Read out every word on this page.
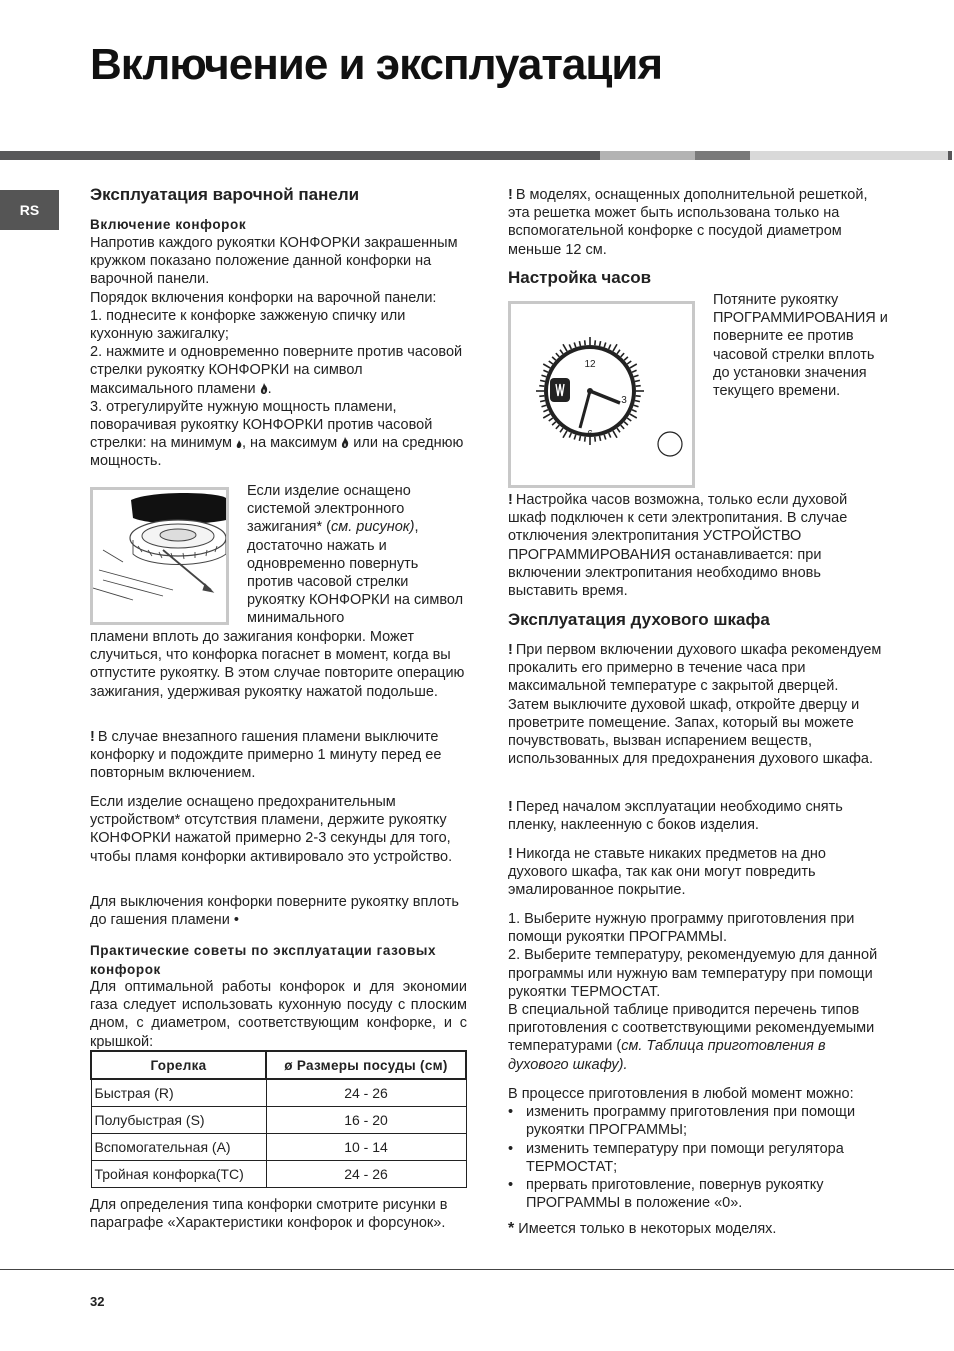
Включение и эксплуатация
RS
Эксплуатация варочной панели
Включение конфорок

Напротив каждого рукоятки КОНФОРКИ закрашенным кружком показано положение данной конфорки на варочной панели.

Порядок включения конфорки на варочной панели:

1. поднесите к конфорке зажженую спичку или кухонную зажигалку;

2. нажмите и одновременно поверните против часовой стрелки рукоятку КОНФОРКИ на символ максимального пламени .

3. отрегулируйте нужную мощность пламени, поворачивая рукоятку КОНФОРКИ против часовой стрелки: на минимум , на максимум или на среднюю мощность.

Если изделие оснащено системой электронного зажигания* (см. рисунок), достаточно нажать и одновременно повернуть против часовой стрелки рукоятку КОНФОРКИ на символ минимального

пламени вплоть до зажигания конфорки. Может случиться, что конфорка погаснет в момент, когда вы отпустите рукоятку. В этом случае повторите операцию зажигания, удерживая рукоятку нажатой подольше.

! В случае внезапного гашения пламени выключите конфорку и подождите примерно 1 минуту перед ее повторным включением.

Если изделие оснащено предохранительным устройством* отсутствия пламени, держите рукоятку КОНФОРКИ нажатой примерно 2-3 секунды для того, чтобы пламя конфорки активировало это устройство.

Для выключения конфорки поверните рукоятку вплоть до гашения пламени •

Практические советы по эксплуатации газовых конфорок

Для оптимальной работы конфорок и для экономии газа следует использовать кухонную посуду с плоским дном, с диаметром, соответствующим конфорке, и с крышкой:

Горелка	ø Размеры посуды (см)
Быстрая (R)	24 - 26
Полубыстрая (S)	16 - 20
Вспомогательная (A)	10 - 14
Тройная конфорка(TC)	24 - 26

Для определения типа конфорки смотрите рисунки в параграфе «Характеристики конфорок и форсунок».

! В моделях, оснащенных дополнительной решеткой, эта решетка может быть использована только на вспомогательной конфорке с посудой диаметром меньше 12 см.

Настройка часов
12
3
6

Потяните рукоятку ПРОГРАММИРОВАНИЯ и поверните ее против часовой стрелки вплоть до установки значения текущего времени.

! Настройка часов возможна, только если духовой шкаф подключен к сети электропитания. В случае отключения электропитания УСТРОЙСТВО ПРОГРАММИРОВАНИЯ останавливается: при включении электропитания необходимо вновь выставить время.

Эксплуатация духового шкафа

! При первом включении духового шкафа рекомендуем прокалить его примерно в течение часа при максимальной температуре с закрытой дверцей. Затем выключите духовой шкаф, откройте дверцу и проветрите помещение. Запах, который вы можете почувствовать, вызван испарением веществ, использованных для предохранения духового шкафа.

! Перед началом эксплуатации необходимо снять пленку, наклеенную с боков изделия.

! Никогда не ставьте никаких предметов на дно духового шкафа, так как они могут повредить эмалированное покрытие.

1. Выберите нужную программу приготовления при помощи рукоятки ПРОГРАММЫ.

2. Выберите температуру, рекомендуемую для данной программы или нужную вам температуру при помощи рукоятки ТЕРМОСТАТ.

В специальной таблице приводится перечень типов приготовления с соответствующими рекомендуемыми температурами (см. Таблица приготовления в духового шкафу).

В процессе приготовления в любой момент можно:

• изменить программу приготовления при помощи рукоятки ПРОГРАММЫ;
• изменить температуру при помощи регулятора ТЕРМОСТАТ;
• прервать приготовление, повернув рукоятку ПРОГРАММЫ в положение «0».

* Имеется только в некоторых моделях.

32
